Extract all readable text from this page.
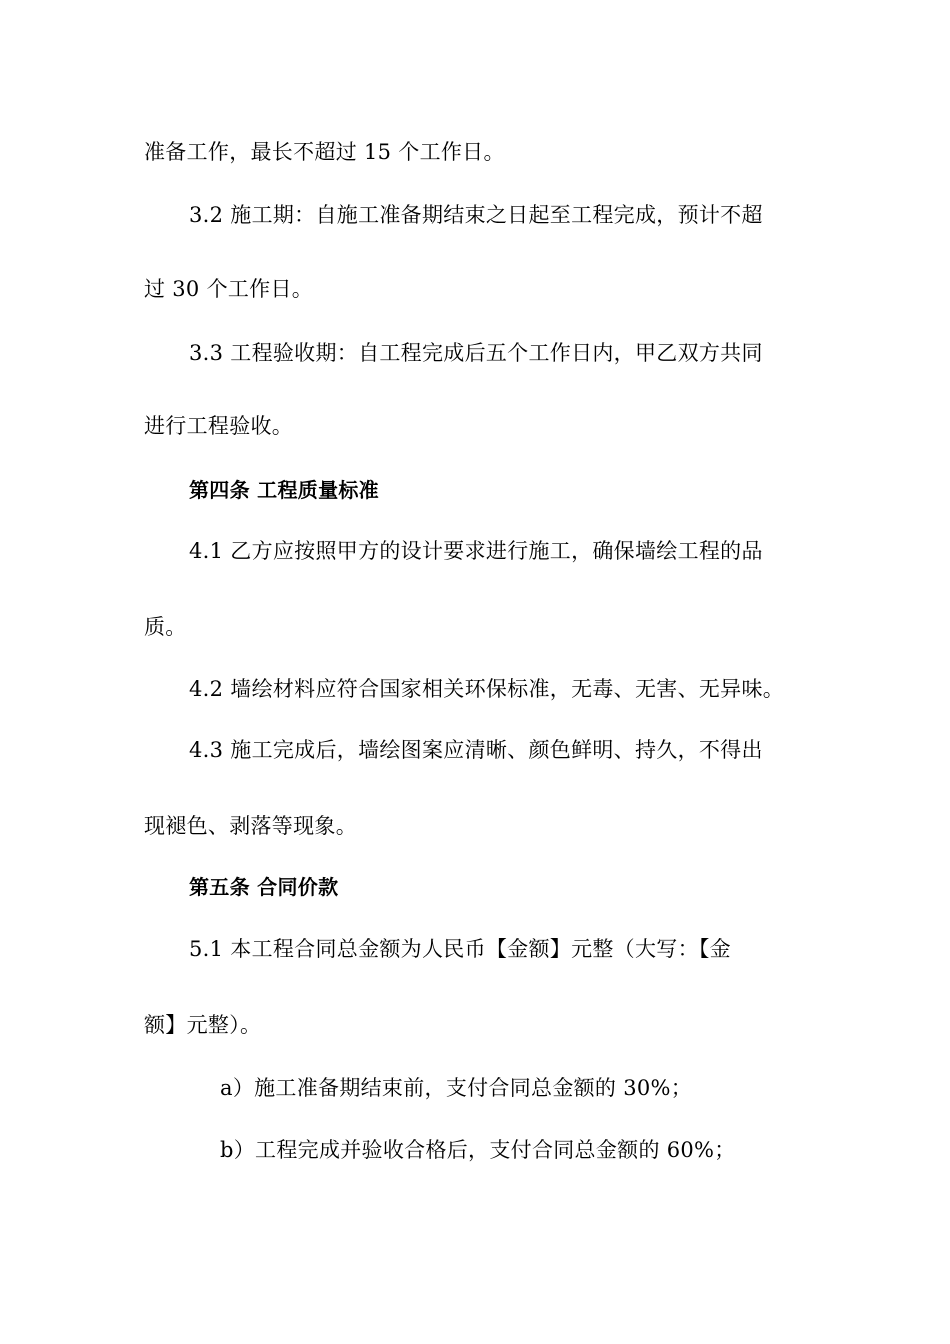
准备工作，最长不超过 15 个工作日。
3.2 施工期：自施工准备期结束之日起至工程完成，预计不超
过 30 个工作日。
3.3 工程验收期：自工程完成后五个工作日内，甲乙双方共同
进行工程验收。
第四条 工程质量标准
4.1 乙方应按照甲方的设计要求进行施工，确保墙绘工程的品
质。
4.2 墙绘材料应符合国家相关环保标准，无毒、无害、无异味。
4.3 施工完成后，墙绘图案应清晰、颜色鲜明、持久，不得出
现褪色、剥落等现象。
第五条 合同价款
5.1 本工程合同总金额为人民币【金额】元整（大写：【金
额】元整）。
a）施工准备期结束前，支付合同总金额的 30%；
b）工程完成并验收合格后，支付合同总金额的 60%；
